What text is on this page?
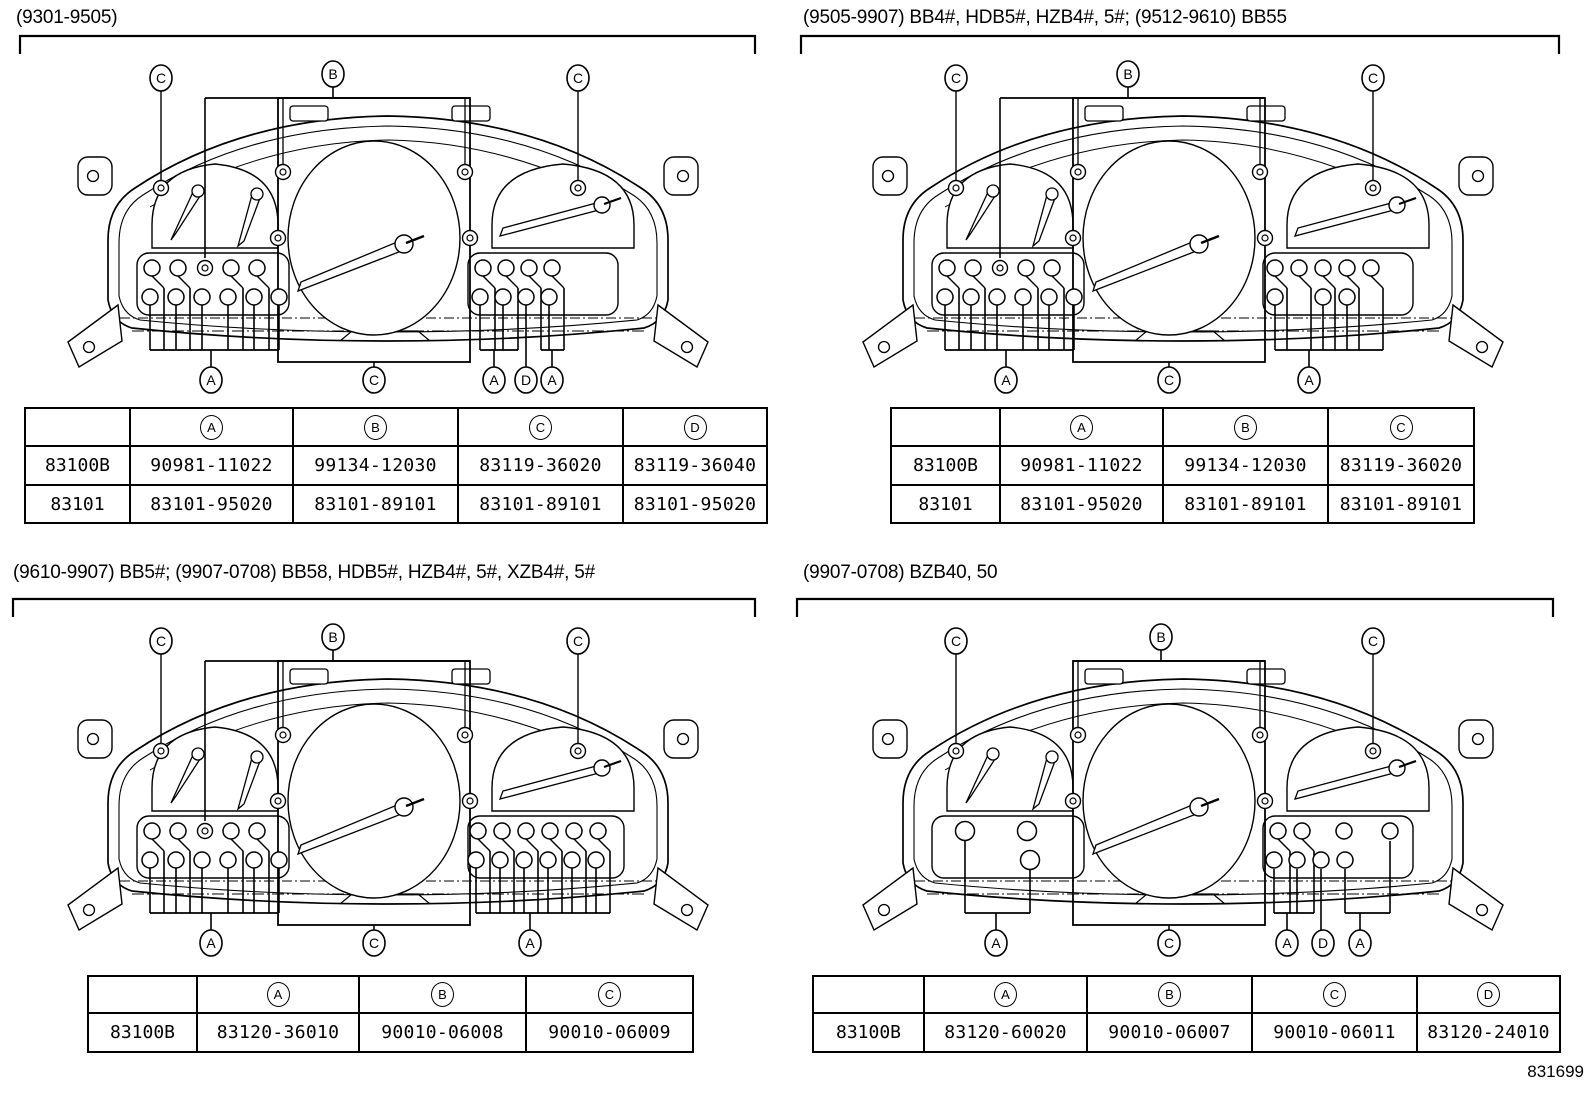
(9301-9505)
C	B	C
A	C	A D A
	A	B	C	D
83100B	90981-11022	99134-12030	83119-36020	83119-36040
83101	83101-95020	83101-89101	83101-89101	83101-95020
(9505-9907) BB4#, HDB5#, HZB4#, 5#; (9512-9610) BB55
C	B	C
A	C	A
	A	B	C
83100B	90981-11022	99134-12030	83119-36020
83101	83101-95020	83101-89101	83101-89101
(9610-9907) BB5#; (9907-0708) BB58, HDB5#, HZB4#, 5#, XZB4#, 5#
C	B	C
A	C	A
	A	B	C
83100B	83120-36010	90010-06008	90010-06009
(9907-0708) BZB40, 50
C	B	C
A	C	A D A
	A	B	C	D
83100B	83120-60020	90010-06007	90010-06011	83120-24010
831699
